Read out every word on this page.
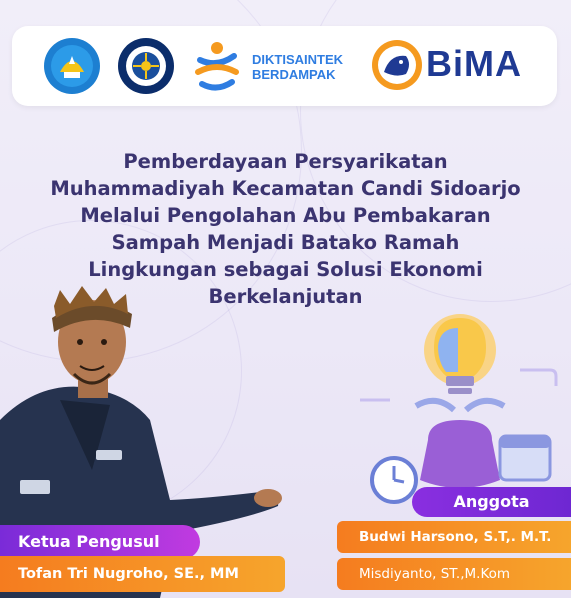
DIKTISAINTEK
BERDAMPAK	BiMA
Pemberdayaan Persyarikatan
Muhammadiyah Kecamatan Candi Sidoarjo
Melalui Pengolahan Abu Pembakaran
Sampah Menjadi Batako Ramah
Lingkungan sebagai Solusi Ekonomi
Berkelanjutan
Ketua Pengusul
Tofan Tri Nugroho, SE., MM
Anggota
Budwi Harsono, S.T,. M.T.
Misdiyanto, ST.,M.Kom
